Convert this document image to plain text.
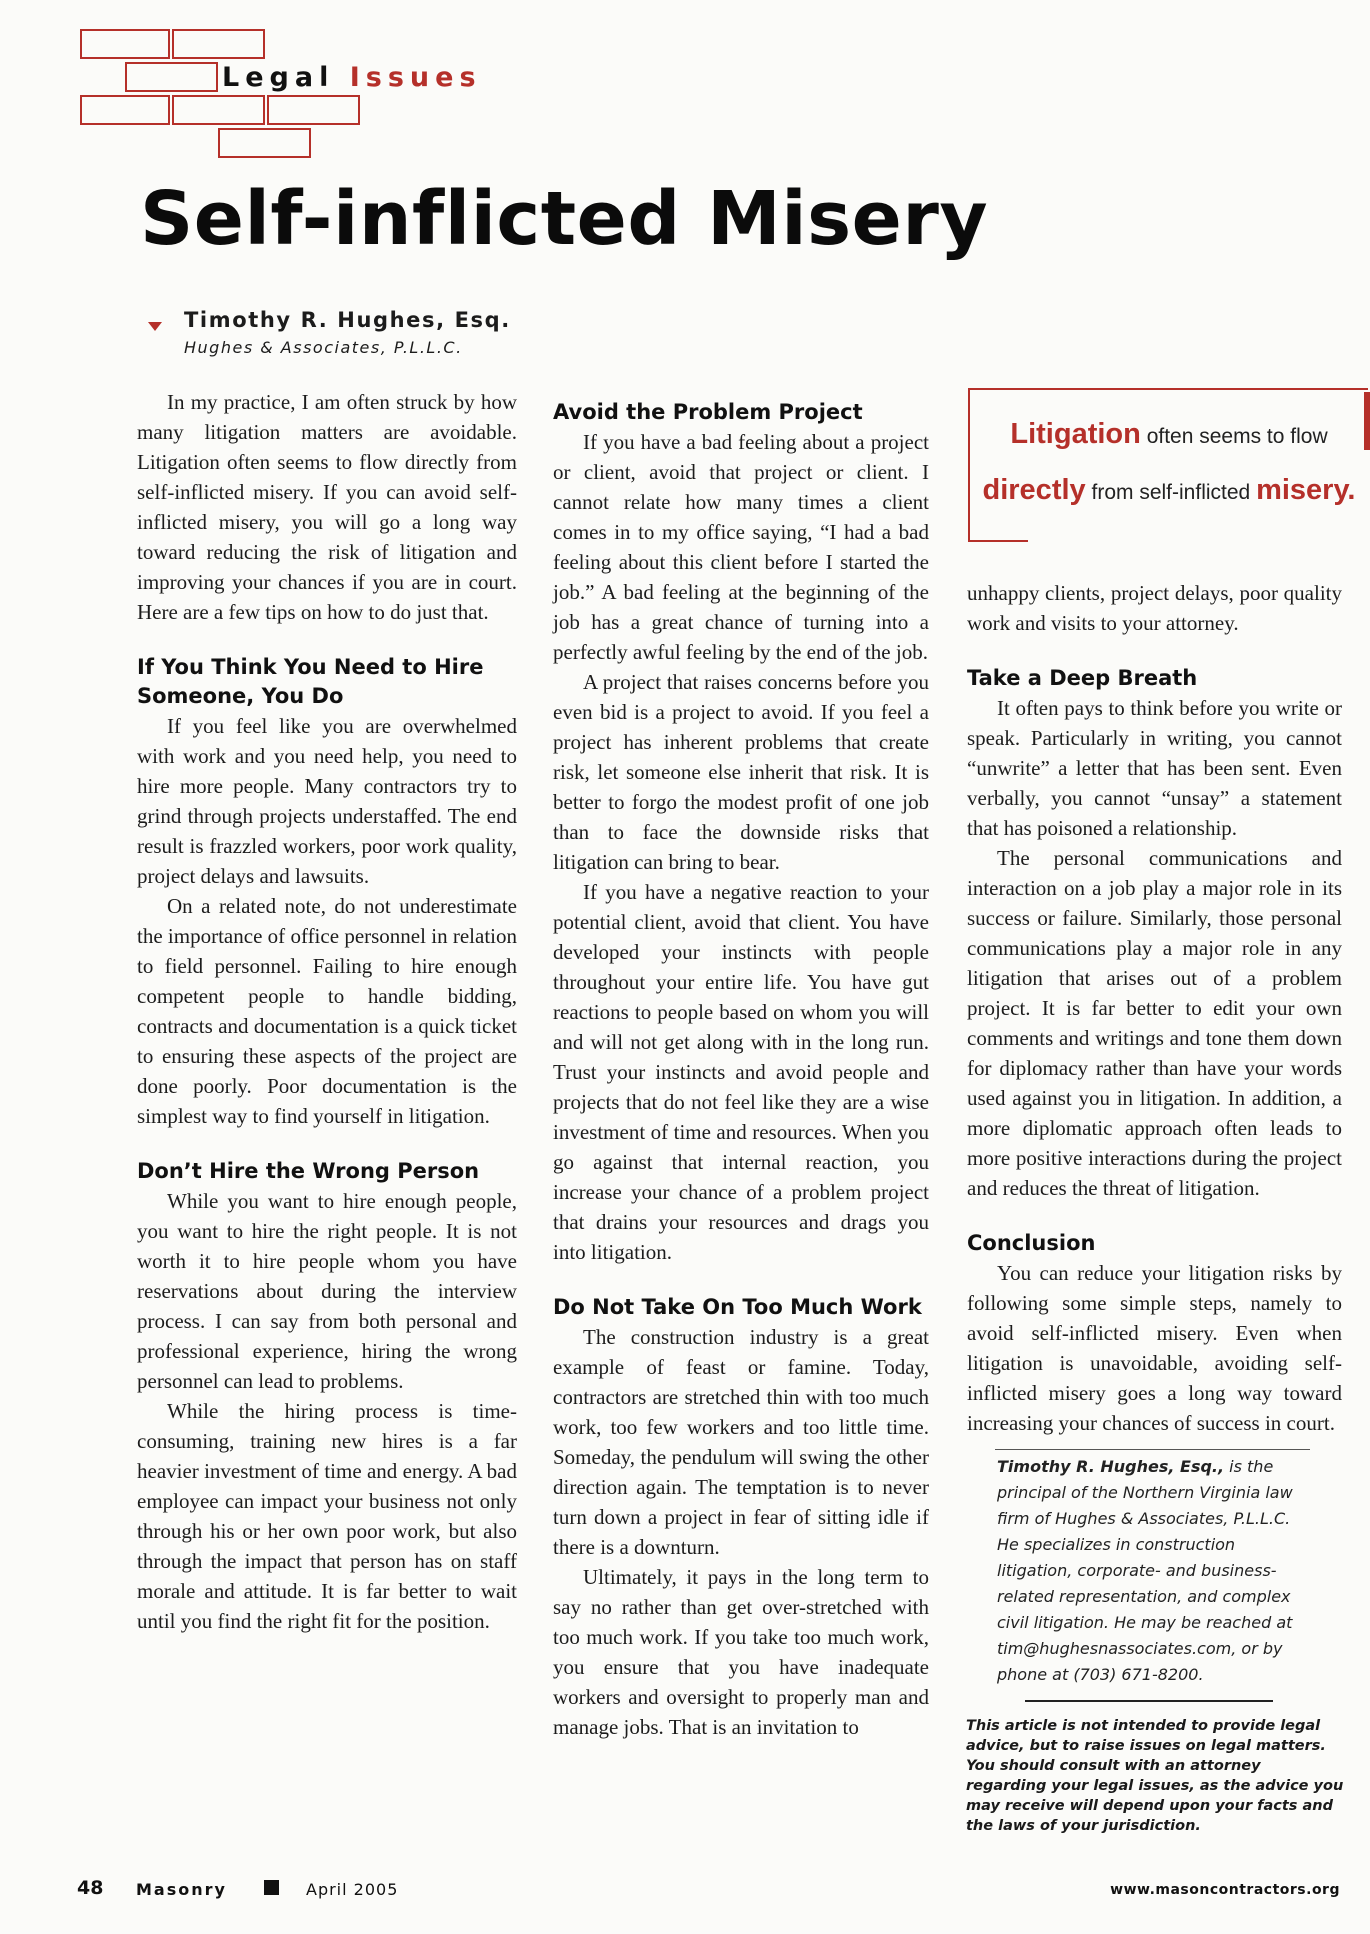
Legal Issues
Self-inflicted Misery
Timothy R. Hughes, Esq.
Hughes & Associates, P.L.L.C.

In my practice, I am often struck by how many litigation matters are avoidable. Litigation often seems to flow directly from self-inflicted misery. If you can avoid self-inflicted misery, you will go a long way toward reducing the risk of litigation and improving your chances if you are in court. Here are a few tips on how to do just that.

If You Think You Need to Hire Someone, You Do

If you feel like you are overwhelmed with work and you need help, you need to hire more people. Many contractors try to grind through projects understaffed. The end result is frazzled workers, poor work quality, project delays and lawsuits.

On a related note, do not underestimate the importance of office personnel in relation to field personnel. Failing to hire enough competent people to handle bidding, contracts and documentation is a quick ticket to ensuring these aspects of the project are done poorly. Poor documentation is the simplest way to find yourself in litigation.

Don’t Hire the Wrong Person

While you want to hire enough people, you want to hire the right people. It is not worth it to hire people whom you have reservations about during the interview process. I can say from both personal and professional experience, hiring the wrong personnel can lead to problems.

While the hiring process is time-consuming, training new hires is a far heavier investment of time and energy. A bad employee can impact your business not only through his or her own poor work, but also through the impact that person has on staff morale and attitude. It is far better to wait until you find the right fit for the position.

Avoid the Problem Project

If you have a bad feeling about a project or client, avoid that project or client. I cannot relate how many times a client comes in to my office saying, “I had a bad feeling about this client before I started the job.” A bad feeling at the beginning of the job has a great chance of turning into a perfectly awful feeling by the end of the job.

A project that raises concerns before you even bid is a project to avoid. If you feel a project has inherent problems that create risk, let someone else inherit that risk. It is better to forgo the modest profit of one job than to face the downside risks that litigation can bring to bear.

If you have a negative reaction to your potential client, avoid that client. You have developed your instincts with people throughout your entire life. You have gut reactions to people based on whom you will and will not get along with in the long run. Trust your instincts and avoid people and projects that do not feel like they are a wise investment of time and resources. When you go against that internal reaction, you increase your chance of a problem project that drains your resources and drags you into litigation.

Do Not Take On Too Much Work

The construction industry is a great example of feast or famine. Today, contractors are stretched thin with too much work, too few workers and too little time. Someday, the pendulum will swing the other direction again. The temptation is to never turn down a project in fear of sitting idle if there is a downturn.

Ultimately, it pays in the long term to say no rather than get over-stretched with too much work. If you take too much work, you ensure that you have inadequate workers and oversight to properly man and manage jobs. That is an invitation to

Litigation often seems to flow
directly from self-inflicted misery.

unhappy clients, project delays, poor quality work and visits to your attorney.

Take a Deep Breath

It often pays to think before you write or speak. Particularly in writing, you cannot “unwrite” a letter that has been sent. Even verbally, you cannot “unsay” a statement that has poisoned a relationship.

The personal communications and interaction on a job play a major role in its success or failure. Similarly, those personal communications play a major role in any litigation that arises out of a problem project. It is far better to edit your own comments and writings and tone them down for diplomacy rather than have your words used against you in litigation. In addition, a more diplomatic approach often leads to more positive interactions during the project and reduces the threat of litigation.

Conclusion

You can reduce your litigation risks by following some simple steps, namely to avoid self-inflicted misery. Even when litigation is unavoidable, avoiding self-inflicted misery goes a long way toward increasing your chances of success in court.

Timothy R. Hughes, Esq., is the principal of the Northern Virginia law firm of Hughes & Associates, P.L.L.C. He specializes in construction litigation, corporate- and business-related representation, and complex civil litigation. He may be reached at tim@hughesnassociates.com, or by phone at (703) 671-8200.
This article is not intended to provide legal advice, but to raise issues on legal matters. You should consult with an attorney regarding your legal issues, as the advice you may receive will depend upon your facts and the laws of your jurisdiction.
48 Masonry	April 2005	www.masoncontractors.org
